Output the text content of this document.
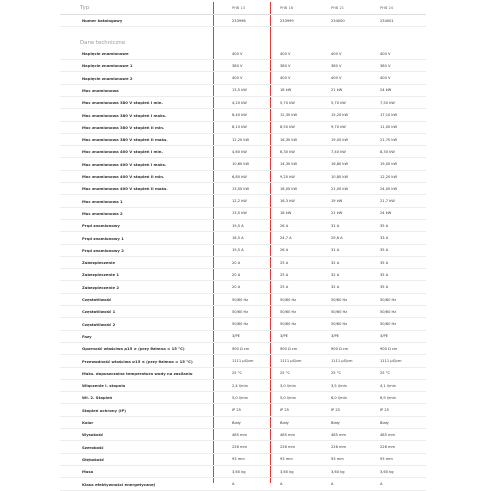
Typ	PHB 13	PHB 18	PHB 21	PHB 24
Numer katalogowy	233998	233999	234000	234001
Dane techniczne
Napięcie znamionowe	400 V	400 V	400 V	400 V
Napięcie znamionowe 1	380 V	380 V	380 V	380 V
Napięcie znamionowe 2	400 V	400 V	400 V	400 V
Moc znamionowa	13,5 kW	18 kW	21 kW	24 kW
Moc znamionowa 380 V stopień I min.	4,20 kW	5,70 kW	5,70 kW	7,50 kW
Moc znamionowa 380 V stopień I maks.	8,40 kW	12,30 kW	15,20 kW	17,10 kW
Moc znamionowa 380 V stopień II min.	8,10 kW	8,50 kW	9,70 kW	11,00 kW
Moc znamionowa 380 V stopień II maks.	12,20 kW	16,30 kW	19,00 kW	21,70 kW
Moc znamionowa 400 V stopień I min.	4,60 kW	6,30 kW	7,40 kW	8,30 kW
Moc znamionowa 400 V stopień I maks.	10,60 kW	14,30 kW	16,80 kW	19,00 kW
Moc znamionowa 400 V stopień II min.	6,80 kW	9,20 kW	10,80 kW	12,20 kW
Moc znamionowa 400 V stopień II maks.	13,50 kW	18,00 kW	21,00 kW	24,00 kW
Moc znamionowa 1	12,2 kW	16,3 kW	19 kW	21,7 kW
Moc znamionowa 2	13,5 kW	18 kW	21 kW	24 kW
Prąd znamionowy	19,5 A	26 A	31 A	35 A
Prąd znamionowy 1	18,5 A	24,7 A	29,6 A	33 A
Prąd znamionowy 2	19,5 A	26 A	31 A	35 A
Zabezpieczenie	20 A	25 A	32 A	35 A
Zabezpieczenie 1	20 A	25 A	32 A	35 A
Zabezpieczenie 2	20 A	25 A	32 A	35 A
Częstotliwość	50/60 Hz	50/60 Hz	50/60 Hz	50/60 Hz
Częstotliwość 1	50/60 Hz	50/60 Hz	50/60 Hz	50/60 Hz
Częstotliwość 2	50/60 Hz	50/60 Hz	50/60 Hz	50/60 Hz
Fazy	3/PE	3/PE	3/PE	3/PE
Oporność właściwa ρ15 ≥ (przy θzimna = 15 °C)	900 Ω cm	900 Ω cm	900 Ω cm	900 Ω cm
Przewodność właściwa σ15 ≤ (przy θzimna = 15 °C)	1111 µS/cm	1111 µS/cm	1111 µS/cm	1111 µS/cm
Maks. dopuszczalna temperatura wody na zasilaniu	25 °C	25 °C	25 °C	25 °C
Włączenie I. stopnia	2,4 l/min	3,0 l/min	3,5 l/min	4,1 l/min
Wł. 2. Stopień	5,0 l/min	5,0 l/min	6,0 l/min	6,9 l/min
Stopień ochrony (IP)	IP 25	IP 25	IP 25	IP 25
Kolor	Biały	Biały	Biały	Biały
Wysokość	485 mm	485 mm	485 mm	485 mm
Szerokość	226 mm	226 mm	226 mm	226 mm
Głębokość	93 mm	93 mm	93 mm	93 mm
Masa	3,60 kg	3,60 kg	3,60 kg	3,60 kg
Klasa efektywności energetycznej	A	A	A	A
